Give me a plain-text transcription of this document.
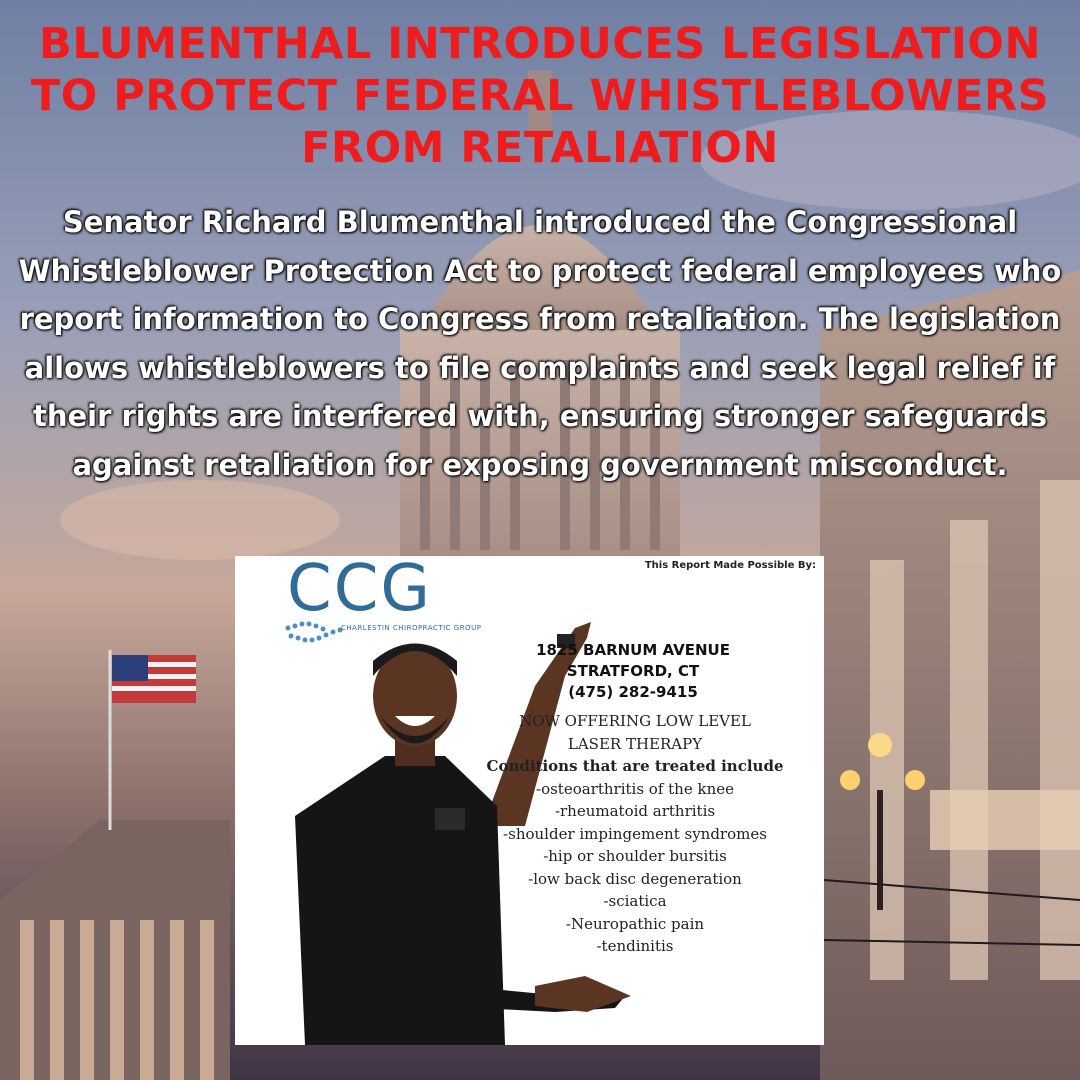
BLUMENTHAL INTRODUCES LEGISLATION TO PROTECT FEDERAL WHISTLEBLOWERS FROM RETALIATION

Senator Richard Blumenthal introduced the Congressional Whistleblower Protection Act to protect federal employees who report information to Congress from retaliation. The legislation allows whistleblowers to file complaints and seek legal relief if their rights are interfered with, ensuring stronger safeguards against retaliation for exposing government misconduct.

This Report Made Possible By:
CCG
CHARLESTIN CHIROPRACTIC GROUP
1825 BARNUM AVENUE
STRATFORD, CT
(475) 282-9415
NOW OFFERING LOW LEVEL
LASER THERAPY
Conditions that are treated include
-osteoarthritis of the knee
-rheumatoid arthritis
-shoulder impingement syndromes
-hip or shoulder bursitis
-low back disc degeneration
-sciatica
-Neuropathic pain
-tendinitis
